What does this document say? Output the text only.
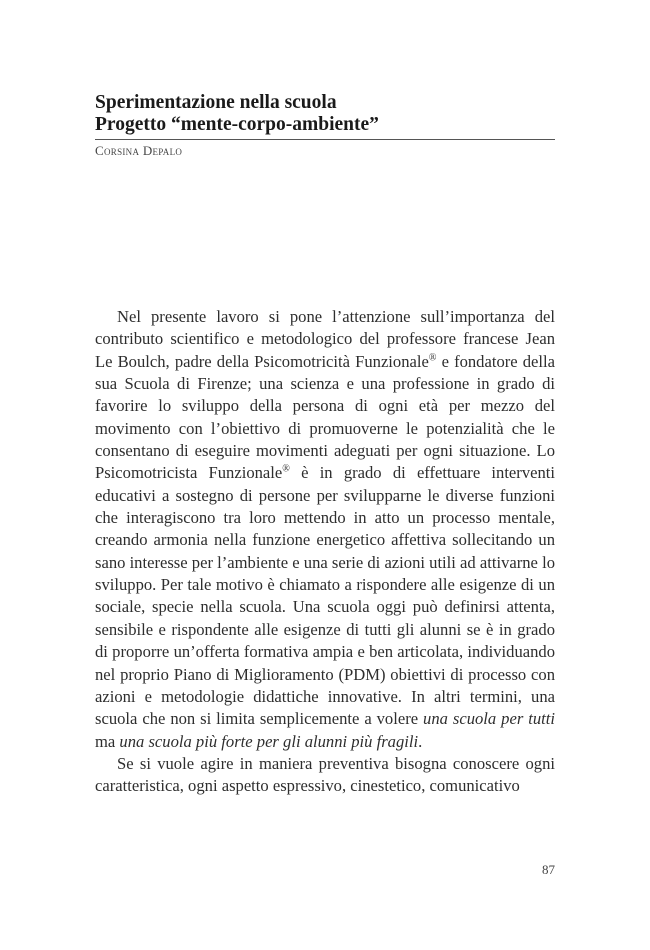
Sperimentazione nella scuola
Progetto “mente-corpo-ambiente”
Corsina Depalo

Nel presente lavoro si pone l’attenzione sull’importanza del contributo scientifico e metodologico del professore francese Jean Le Boulch, padre della Psicomotricità Funzionale® e fondatore della sua Scuola di Firenze; una scienza e una professione in grado di favorire lo sviluppo della persona di ogni età per mezzo del movimento con l’obiettivo di promuoverne le potenzialità che le consentano di eseguire movimenti adeguati per ogni situazione. Lo Psicomotricista Funzionale® è in grado di effettuare interventi educativi a sostegno di persone per svilupparne le diverse funzioni che interagiscono tra loro mettendo in atto un processo mentale, creando armonia nella funzione energetico affettiva sollecitando un sano interesse per l’ambiente e una serie di azioni utili ad attivarne lo sviluppo. Per tale motivo è chiamato a rispondere alle esigenze di un sociale, specie nella scuola. Una scuola oggi può definirsi attenta, sensibile e rispondente alle esigenze di tutti gli alunni se è in grado di proporre un’offerta formativa ampia e ben articolata, individuando nel proprio Piano di Miglioramento (PDM) obiettivi di processo con azioni e metodologie didattiche innovative. In altri termini, una scuola che non si limita semplicemente a volere una scuola per tutti ma una scuola più forte per gli alunni più fragili.

Se si vuole agire in maniera preventiva bisogna conoscere ogni caratteristica, ogni aspetto espressivo, cinestetico, comunicativo

87
